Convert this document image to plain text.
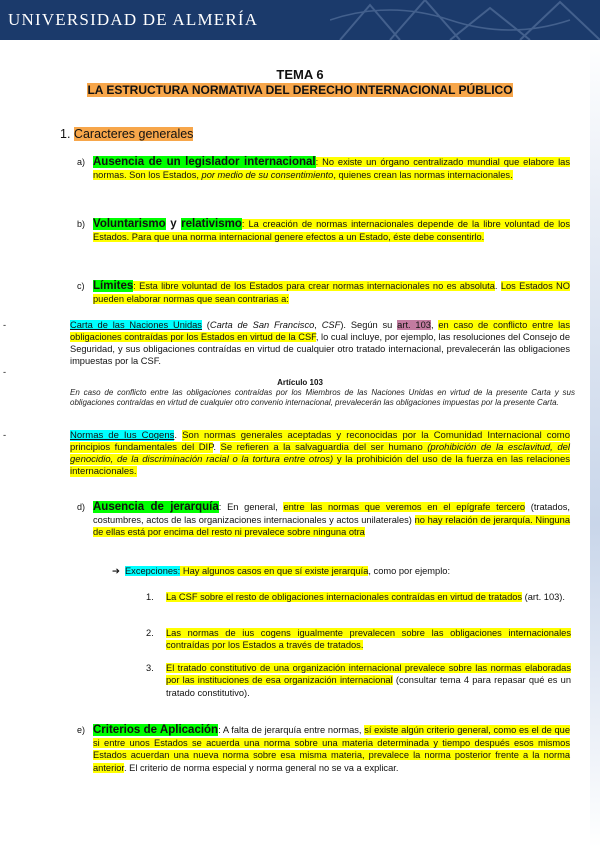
UNIVERSIDAD DE ALMERÍA
TEMA 6
LA ESTRUCTURA NORMATIVA DEL DERECHO INTERNACIONAL PÚBLICO
1. Caracteres generales
a) Ausencia de un legislador internacional: No existe un órgano centralizado mundial que elabore las normas. Son los Estados, por medio de su consentimiento, quienes crean las normas internacionales.
b) Voluntarismo y relativismo: La creación de normas internacionales depende de la libre voluntad de los Estados. Para que una norma internacional genere efectos a un Estado, éste debe consentirlo.
c) Límites: Esta libre voluntad de los Estados para crear normas internacionales no es absoluta. Los Estados NO pueden elaborar normas que sean contrarias a:
-	Carta de las Naciones Unidas (Carta de San Francisco, CSF). Según su art. 103, en caso de conflicto entre las obligaciones contraídas por los Estados en virtud de la CSF, lo cual incluye, por ejemplo, las resoluciones del Consejo de Seguridad, y sus obligaciones contraídas en virtud de cualquier otro tratado internacional, prevalecerán las obligaciones impuestas por la CSF.
-
Artículo 103
En caso de conflicto entre las obligaciones contraídas por los Miembros de las Naciones Unidas en virtud de la presente Carta y sus obligaciones contraídas en virtud de cualquier otro convenio internacional, prevalecerán las obligaciones impuestas por la presente Carta.
-	Normas de Ius Cogens. Son normas generales aceptadas y reconocidas por la Comunidad Internacional como principios fundamentales del DIP. Se refieren a la salvaguardia del ser humano (prohibición de la esclavitud, del genocidio, de la discriminación racial o la tortura entre otros) y la prohibición del uso de la fuerza en las relaciones internacionales.
d) Ausencia de jerarquía: En general, entre las normas que veremos en el epígrafe tercero (tratados, costumbres, actos de las organizaciones internacionales y actos unilaterales) no hay relación de jerarquía. Ninguna de ellas está por encima del resto ni prevalece sobre ninguna otra
➔ Excepciones: Hay algunos casos en que sí existe jerarquía, como por ejemplo:
1. La CSF sobre el resto de obligaciones internacionales contraídas en virtud de tratados (art. 103).
2. Las normas de ius cogens igualmente prevalecen sobre las obligaciones internacionales contraídas por los Estados a través de tratados.
3. El tratado constitutivo de una organización internacional prevalece sobre las normas elaboradas por las instituciones de esa organización internacional (consultar tema 4 para repasar qué es un tratado constitutivo).
e) Criterios de Aplicación: A falta de jerarquía entre normas, sí existe algún criterio general, como es el de que si entre unos Estados se acuerda una norma sobre una materia determinada y tiempo después esos mismos Estados acuerdan una nueva norma sobre esa misma materia, prevalece la norma posterior frente a la norma anterior. El criterio de norma especial y norma general no se va a explicar.
